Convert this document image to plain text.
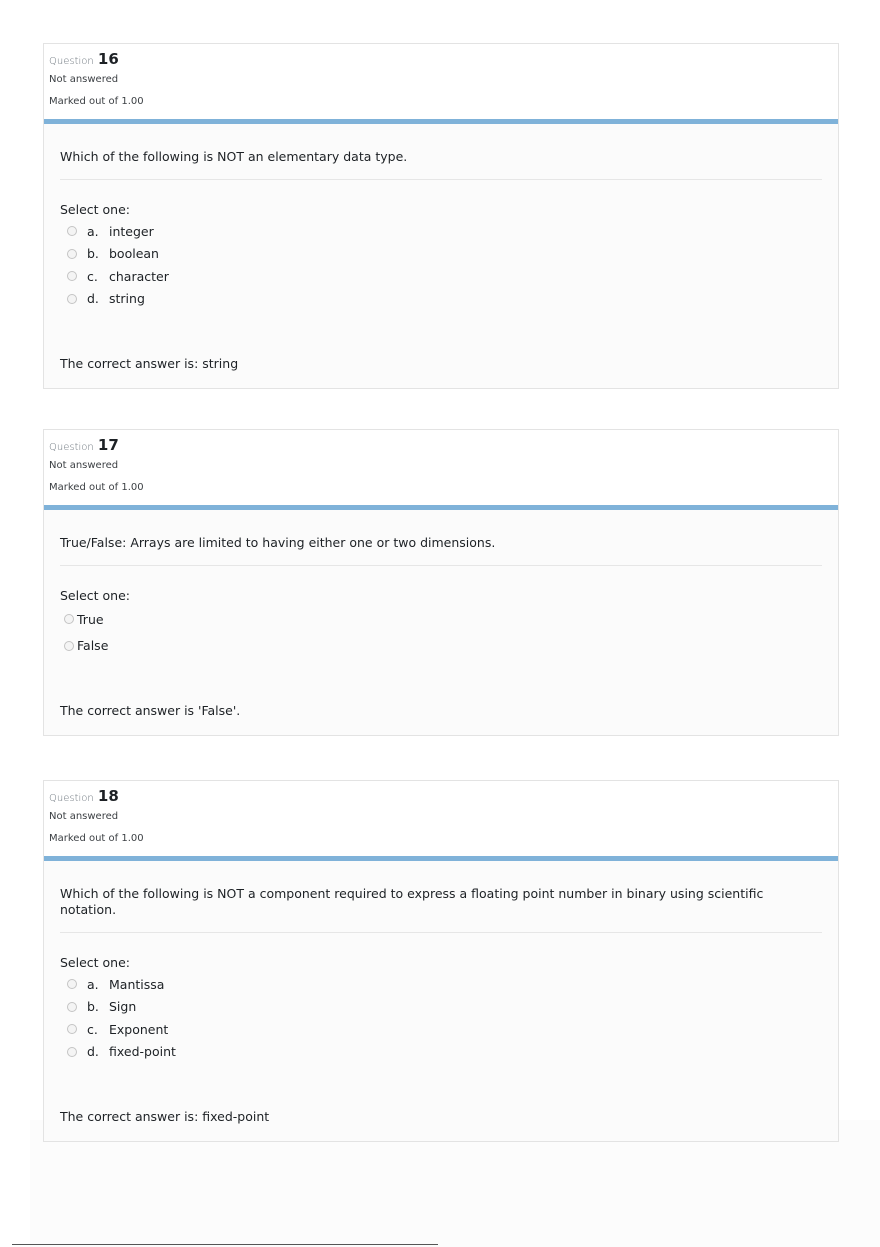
Question 16
Not answered
Marked out of 1.00
Which of the following is NOT an elementary data type.
Select one:
a. integer
b. boolean
c. character
d. string
The correct answer is: string
Question 17
Not answered
Marked out of 1.00
True/False: Arrays are limited to having either one or two dimensions.
Select one:
True
False
The correct answer is 'False'.
Question 18
Not answered
Marked out of 1.00
Which of the following is NOT a component required to express a floating point number in binary using scientific notation.
Select one:
a. Mantissa
b. Sign
c. Exponent
d. fixed-point
The correct answer is: fixed-point
